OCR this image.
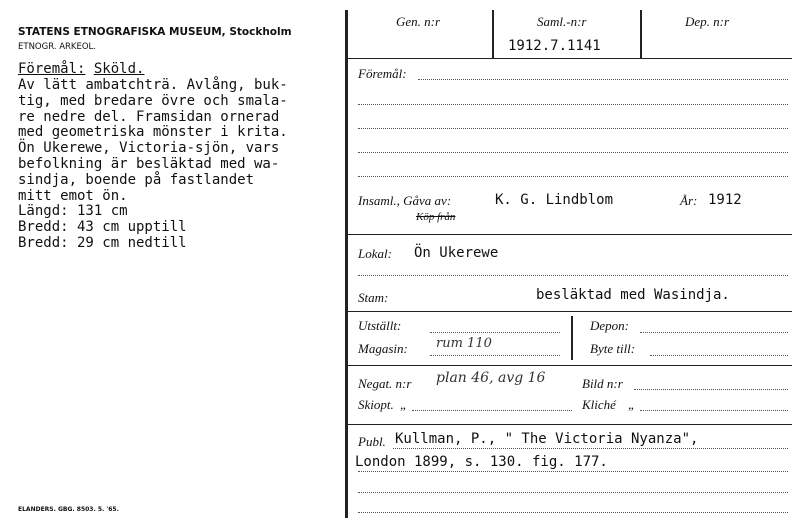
STATENS ETNOGRAFISKA MUSEUM, Stockholm
ETNOGR. ARKEOL.
Föremål: Sköld.
Av lätt ambatchträ. Avlång, buk-
tig, med bredare övre och smala-
re nedre del. Framsidan ornerad
med geometriska mönster i krita.
Ön Ukerewe, Victoria-sjön, vars
befolkning är besläktad med wa-
sindja, boende på fastlandet
mitt emot ön.
Längd: 131 cm
Bredd: 43 cm upptill
Bredd: 29 cm nedtill
ELANDERS. GBG. 8503. 5. '65.
Gen. n:r	Saml.-n:r
1912.7.1141
Dep. n:r
Föremål:
Insaml., Gåva av:	K. G. Lindblom
Köp från
År: 1912
Lokal: Ön Ukerewe
Stam:	besläktad med Wasindja.
Utställt:
Magasin: rum 110
Depon:
Byte till:
Negat. n:r plan 46, avg 16	Bild n:r
Skiopt. „	Kliché „
Publ. Kullman, P., " The Victoria Nyanza",
London 1899, s. 130. fig. 177.
